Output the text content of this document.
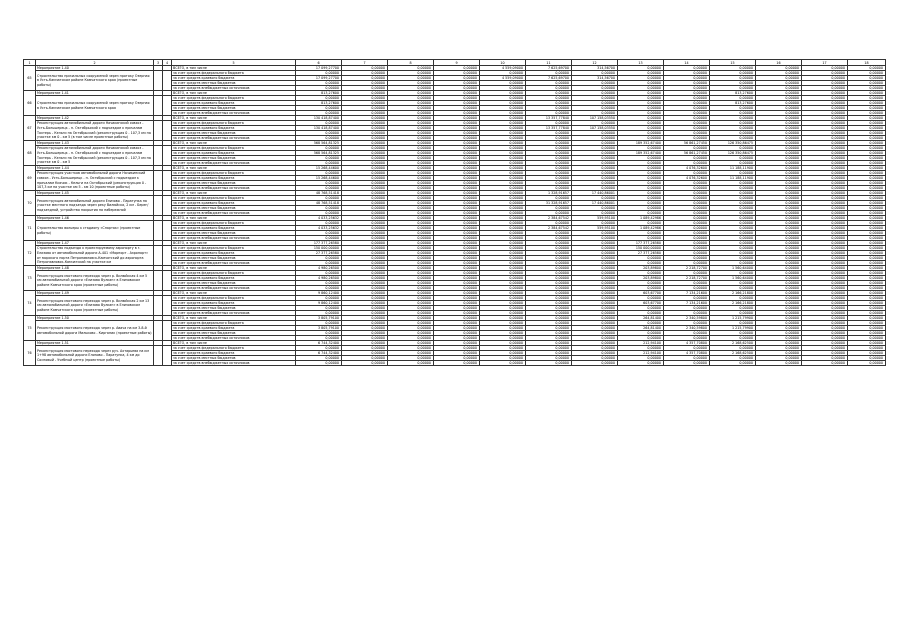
1	2	3	4	5	6	7	8	9	10	11	12	13	14	15	16	17	18
65	Мероприятие 1.40			ВСЕГО, в том числе	17 099,27700	0,00000	0,00000	0,00000	4 559,09000	7 625,69700	314,56700	0,00000	0,00000	0,00000	0,00000	0,00000	0,00000
	Строительство причальных сооружений через протоку Озерная в Усть-Камчатском районе Камчатского края (проектные работы)			за счет средств федерального бюджета	0,00000	0,00000	0,00000	0,00000	0,00000	0,00000	0,00000	0,00000	0,00000	0,00000	0,00000	0,00000	0,00000
				за счет средств краевого бюджета	17 099,27700	0,00000	0,00000	0,00000	4 559,09000	7 625,69700	314,56700	0,00000	0,00000	0,00000	0,00000	0,00000	0,00000
				за счет средств местных бюджетов	0,00000	0,00000	0,00000	0,00000	0,00000	0,00000	0,00000	0,00000	0,00000	0,00000	0,00000	0,00000	0,00000
				за счет средств внебюджетных источников	0,00000	0,00000	0,00000	0,00000	0,00000	0,00000	0,00000	0,00000	0,00000	0,00000	0,00000	0,00000	0,00000
66	Мероприятие 1.41			ВСЕГО, в том числе	813,27600	0,00000	0,00000	0,00000	0,00000	0,00000	0,00000	0,00000	0,00000	813,27600	0,00000	0,00000	0,00000
	Строительство причальных сооружений через протоку Озерная в Усть-Камчатском районе Камчатского края			за счет средств федерального бюджета	0,00000	0,00000	0,00000	0,00000	0,00000	0,00000	0,00000	0,00000	0,00000	0,00000	0,00000	0,00000	0,00000
				за счет средств краевого бюджета	813,27600	0,00000	0,00000	0,00000	0,00000	0,00000	0,00000	0,00000	0,00000	813,27600	0,00000	0,00000	0,00000
				за счет средств местных бюджетов	0,00000	0,00000	0,00000	0,00000	0,00000	0,00000	0,00000	0,00000	0,00000	0,00000	0,00000	0,00000	0,00000
				за счет средств внебюджетных источников	0,00000	0,00000	0,00000	0,00000	0,00000	0,00000	0,00000	0,00000	0,00000	0,00000	0,00000	0,00000	0,00000
67	Мероприятие 1.42			ВСЕГО, в том числе	130 418,87400	0,00000	0,00000	0,00000	0,00000	13 357,77840	107 158,03550	0,00000	0,00000	0,00000	0,00000	0,00000	0,00000
	Реконструкция автомобильной дороги Начикинский совхоз - Усть-Большерецк - п. Октябрьский с подъездом к причалам Тохтерь - Кельги на Октябрьский (реконструкция 0 - 107,3 км на участке км 0 - км 5 (в том числе проектные работы)			за счет средств федерального бюджета	0,00000	0,00000	0,00000	0,00000	0,00000	0,00000	0,00000	0,00000	0,00000	0,00000	0,00000	0,00000	0,00000
				за счет средств краевого бюджета	130 418,87400	0,00000	0,00000	0,00000	0,00000	13 357,77840	107 158,03550	0,00000	0,00000	0,00000	0,00000	0,00000	0,00000
				за счет средств местных бюджетов	0,00000	0,00000	0,00000	0,00000	0,00000	0,00000	0,00000	0,00000	0,00000	0,00000	0,00000	0,00000	0,00000
				за счет средств внебюджетных источников	0,00000	0,00000	0,00000	0,00000	0,00000	0,00000	0,00000	0,00000	0,00000	0,00000	0,00000	0,00000	0,00000
68	Мероприятие 1.43			ВСЕГО, в том числе	568 564,81325	0,00000	0,00000	0,00000	0,00000	0,00000	0,00000	189 352,67400	56 861,27450	126 350,86475	0,00000	0,00000	0,00000
	Реконструкция автомобильной дороги Начикинский совхоз - Усть-Большерецк - п. Октябрьский с подъездом к причалам Тохтерь - Кельги на Октябрьский (реконструкция 0 - 107,3 км на участке км 0 - км 5			за счет средств федерального бюджета	0,00000	0,00000	0,00000	0,00000	0,00000	0,00000	0,00000	0,00000	0,00000	0,00000	0,00000	0,00000	0,00000
				за счет средств краевого бюджета	568 564,81325	0,00000	0,00000	0,00000	0,00000	0,00000	0,00000	189 352,67400	56 861,27450	126 350,86475	0,00000	0,00000	0,00000
				за счет средств местных бюджетов	0,00000	0,00000	0,00000	0,00000	0,00000	0,00000	0,00000	0,00000	0,00000	0,00000	0,00000	0,00000	0,00000
				за счет средств внебюджетных источников	0,00000	0,00000	0,00000	0,00000	0,00000	0,00000	0,00000	0,00000	0,00000	0,00000	0,00000	0,00000	0,00000
69	Мероприятие 1.44			ВСЕГО, в том числе	15 268,44600	0,00000	0,00000	0,00000	0,00000	0,00000	0,00000	0,00000	4 076,32600	11 188,11900	0,00000	0,00000	0,00000
	Реконструкция участков автомобильной дороги Начикинский совхоз - Усть-Большерецк - п. Октябрьский с подъездом к причалам Кихчик - Кельги на Октябрьский (реконструкция 0 - 107,3 км на участке км 5 - км 10 (проектные работы)			за счет средств федерального бюджета	0,00000	0,00000	0,00000	0,00000	0,00000	0,00000	0,00000	0,00000	0,00000	0,00000	0,00000	0,00000	0,00000
				за счет средств краевого бюджета	15 268,44600	0,00000	0,00000	0,00000	0,00000	0,00000	0,00000	0,00000	4 076,32600	11 188,11900	0,00000	0,00000	0,00000
				за счет средств местных бюджетов	0,00000	0,00000	0,00000	0,00000	0,00000	0,00000	0,00000	0,00000	0,00000	0,00000	0,00000	0,00000	0,00000
				за счет средств внебюджетных источников	0,00000	0,00000	0,00000	0,00000	0,00000	0,00000	0,00000	0,00000	0,00000	0,00000	0,00000	0,00000	0,00000
70	Мероприятие 1.45			ВСЕГО, в том числе	48 768,51418	0,00000	0,00000	0,00000	0,00000	1 328,91657	17 440,86001	0,00000	0,00000	0,00000	0,00000	0,00000	0,00000
	Реконструкция автомобильной дороги Елизово - Паратунка на участке местного подъезда через реку Вилюйска, 2 км - Берег/подъездной, устройство покрытия на набережной			за счет средств федерального бюджета	0,00000	0,00000	0,00000	0,00000	0,00000	0,00000	0,00000	0,00000	0,00000	0,00000	0,00000	0,00000	0,00000
				за счет средств краевого бюджета	48 768,51418	0,00000	0,00000	0,00000	0,00000	31 328,91657	17 440,86001	0,00000	0,00000	0,00000	0,00000	0,00000	0,00000
				за счет средств местных бюджетов	0,00000	0,00000	0,00000	0,00000	0,00000	0,00000	0,00000	0,00000	0,00000	0,00000	0,00000	0,00000	0,00000
				за счет средств внебюджетных источников	0,00000	0,00000	0,00000	0,00000	0,00000	0,00000	0,00000	0,00000	0,00000	0,00000	0,00000	0,00000	0,00000
71	Мероприятие 1.46			ВСЕГО, в том числе	4 033,25632	0,00000	0,00000	0,00000	0,00000	2 384,67542	559,95100	1 089,42986	0,00000	0,00000	0,00000	0,00000	0,00000
	Строительство вольеры к стадиону «Спартак» (проектные работы)			за счет средств федерального бюджета	0,00000	0,00000	0,00000	0,00000	0,00000	0,00000	0,00000	0,00000	0,00000	0,00000	0,00000	0,00000	0,00000
				за счет средств краевого бюджета	4 033,25632	0,00000	0,00000	0,00000	0,00000	2 384,67542	559,95100	1 089,42986	0,00000	0,00000	0,00000	0,00000	0,00000
				за счет средств местных бюджетов	0,00000	0,00000	0,00000	0,00000	0,00000	0,00000	0,00000	0,00000	0,00000	0,00000	0,00000	0,00000	0,00000
				за счет средств внебюджетных источников	0,00000	0,00000	0,00000	0,00000	0,00000	0,00000	0,00000	0,00000	0,00000	0,00000	0,00000	0,00000	0,00000
72	Мероприятие 1.47			ВСЕГО, в том числе	177 377,26580	0,00000	0,00000	0,00000	0,00000	0,00000	0,00000	177 377,26580	0,00000	0,00000	0,00000	0,00000	0,00000
	Строительство подъезда к проектируемому аэропорту в г. Елизово от автомобильной дороги А-401 «Морпорт - Аэропорт» от морского порта Петропавловск-Камчатский до аэропорта Петропавловск-Камчатский на участке км			за счет средств федерального бюджета	150 000,00000	0,00000	0,00000	0,00000	0,00000	0,00000	0,00000	150 000,00000	0,00000	0,00000	0,00000	0,00000	0,00000
				за счет средств краевого бюджета	27 377,26580	0,00000	0,00000	0,00000	0,00000	0,00000	0,00000	27 377,26580	0,00000	0,00000	0,00000	0,00000	0,00000
				за счет средств местных бюджетов	0,00000	0,00000	0,00000	0,00000	0,00000	0,00000	0,00000	0,00000	0,00000	0,00000	0,00000	0,00000	0,00000
				за счет средств внебюджетных источников	0,00000	0,00000	0,00000	0,00000	0,00000	0,00000	0,00000	0,00000	0,00000	0,00000	0,00000	0,00000	0,00000
73	Мероприятие 1.48			ВСЕГО, в том числе	4 980,26500	0,00000	0,00000	0,00000	0,00000	0,00000	0,00000	203,89800	2 218,72700	1 560,64000	0,00000	0,00000	0,00000
	Реконструкция мостового перехода через р. Вилюйская 4 км 5 км автомобильной дороги «Елизово Вулкан» в Елизовском районе Камчатского края (проектные работы)			за счет средств федерального бюджета	0,00000	0,00000	0,00000	0,00000	0,00000	0,00000	0,00000	0,00000	0,00000	0,00000	0,00000	0,00000	0,00000
				за счет средств краевого бюджета	4 980,26500	0,00000	0,00000	0,00000	0,00000	0,00000	0,00000	203,89800	2 218,72700	1 560,64000	0,00000	0,00000	0,00000
				за счет средств местных бюджетов	0,00000	0,00000	0,00000	0,00000	0,00000	0,00000	0,00000	0,00000	0,00000	0,00000	0,00000	0,00000	0,00000
				за счет средств внебюджетных источников	0,00000	0,00000	0,00000	0,00000	0,00000	0,00000	0,00000	0,00000	0,00000	0,00000	0,00000	0,00000	0,00000
74	Мероприятие 1.49			ВСЕГО, в том числе	9 860,12400	0,00000	0,00000	0,00000	0,00000	0,00000	0,00000	603,67700	7 134,21600	2 166,21800	0,00000	0,00000	0,00000
	Реконструкция мостового перехода через р. Вилюйская 2 км 13 км автомобильной дороги «Елизово Вулкан» в Елизовском районе Камчатского края (проектные работы)			за счет средств федерального бюджета	0,00000	0,00000	0,00000	0,00000	0,00000	0,00000	0,00000	0,00000	0,00000	0,00000	0,00000	0,00000	0,00000
				за счет средств краевого бюджета	9 860,12400	0,00000	0,00000	0,00000	0,00000	0,00000	0,00000	603,67700	7 134,21600	2 166,21800	0,00000	0,00000	0,00000
				за счет средств местных бюджетов	0,00000	0,00000	0,00000	0,00000	0,00000	0,00000	0,00000	0,00000	0,00000	0,00000	0,00000	0,00000	0,00000
				за счет средств внебюджетных источников	0,00000	0,00000	0,00000	0,00000	0,00000	0,00000	0,00000	0,00000	0,00000	0,00000	0,00000	0,00000	0,00000
75	Мероприятие 1.50			ВСЕГО, в том числе	3 805,79100	0,00000	0,00000	0,00000	0,00000	0,00000	0,00000	264,81400	2 340,59800	1 215,79900	0,00000	0,00000	0,00000
	Реконструкция мостового перехода через р. Авача на км 3-8-й автомобильной дороги Мильково - Кирганик (проектные работы)			за счет средств федерального бюджета	0,00000	0,00000	0,00000	0,00000	0,00000	0,00000	0,00000	0,00000	0,00000	0,00000	0,00000	0,00000	0,00000
				за счет средств краевого бюджета	3 805,79100	0,00000	0,00000	0,00000	0,00000	0,00000	0,00000	264,81400	2 340,59800	1 215,79900	0,00000	0,00000	0,00000
				за счет средств местных бюджетов	0,00000	0,00000	0,00000	0,00000	0,00000	0,00000	0,00000	0,00000	0,00000	0,00000	0,00000	0,00000	0,00000
				за счет средств внебюджетных источников	0,00000	0,00000	0,00000	0,00000	0,00000	0,00000	0,00000	0,00000	0,00000	0,00000	0,00000	0,00000	0,00000
76	Мероприятие 1.51			ВСЕГО, в том числе	6 744,32400	0,00000	0,00000	0,00000	0,00000	0,00000	0,00000	212,94100	4 357,70800	2 168,62500	0,00000	0,00000	0,00000
	Реконструкция мостового перехода через руч. Ахтарьева на км 1+98 автомобильной дороги Елизово - Паратунка, 4 км до Сосновый - Учебный центр (проектные работы)			за счет средств федерального бюджета	0,00000	0,00000	0,00000	0,00000	0,00000	0,00000	0,00000	0,00000	0,00000	0,00000	0,00000	0,00000	0,00000
				за счет средств краевого бюджета	6 744,32400	0,00000	0,00000	0,00000	0,00000	0,00000	0,00000	212,94100	4 357,70800	2 168,62500	0,00000	0,00000	0,00000
				за счет средств местных бюджетов	0,00000	0,00000	0,00000	0,00000	0,00000	0,00000	0,00000	0,00000	0,00000	0,00000	0,00000	0,00000	0,00000
				за счет средств внебюджетных источников	0,00000	0,00000	0,00000	0,00000	0,00000	0,00000	0,00000	0,00000	0,00000	0,00000	0,00000	0,00000	0,00000
